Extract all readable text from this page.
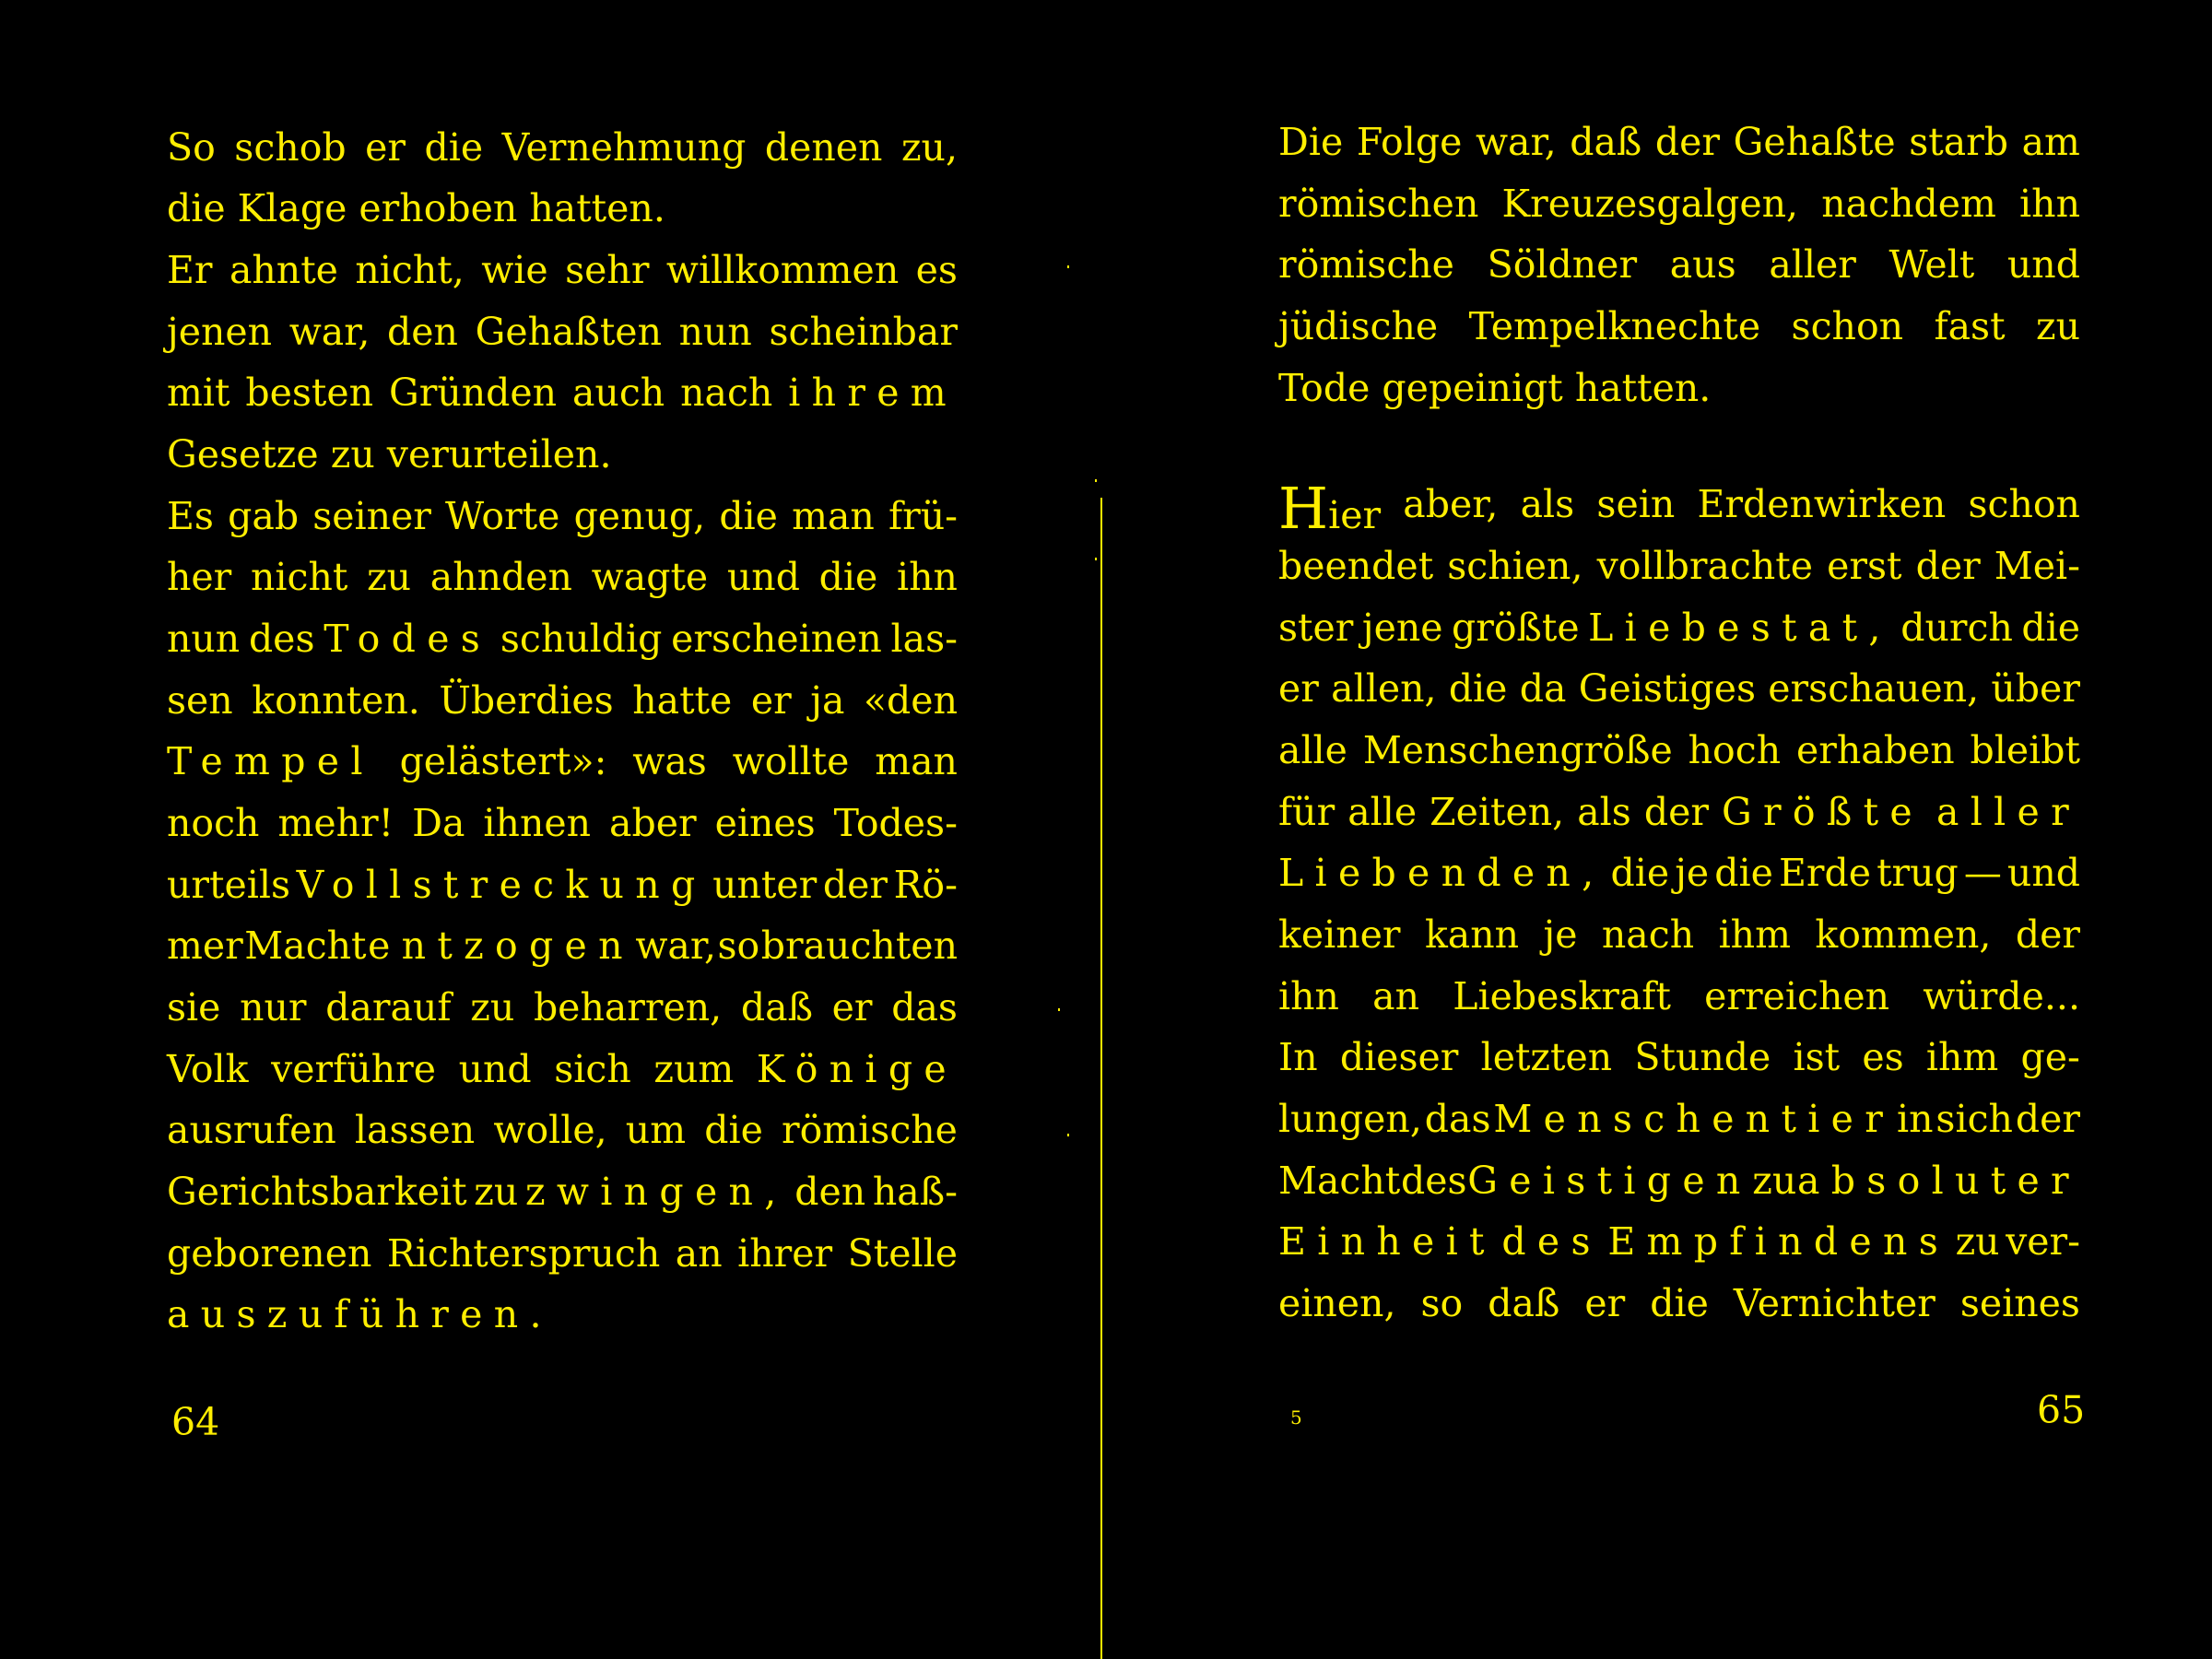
So schob er die Vernehmung denen zu,
die
Klage
erhoben
hatten.
Er ahnte nicht, wie sehr willkommen es
jenen war, den Gehaßten nun scheinbar
mit besten Gründen auch nach ihrem
Gesetze
zu
verurteilen.
Es gab seiner Worte genug, die man frü-
her nicht zu ahnden wagte und die ihn
nun des Todes schuldig erscheinen las-
sen konnten. Überdies hatte er ja «den
Tempel gelästert»: was wollte man
noch mehr! Da ihnen aber eines Todes-
urteils Vollstreckung unter der Rö-
mer Macht entzogen war, so brauchten
sie nur darauf zu beharren, daß er das
Volk verführe und sich zum Könige
ausrufen lassen wolle, um die römische
Gerichtsbarkeit zu zwingen, den haß-
geborenen Richterspruch an ihrer Stelle
auszuführen.
64
Die Folge war, daß der Gehaßte starb am
römischen Kreuzesgalgen, nachdem ihn
römische Söldner aus aller Welt und
jüdische Tempelknechte schon fast zu
Tode
gepeinigt
hatten.
Hier aber, als sein Erdenwirken schon
beendet schien, vollbrachte erst der Mei-
ster jene größte Liebestat, durch die
er allen, die da Geistiges erschauen, über
alle Menschengröße hoch erhaben bleibt
für alle Zeiten, als der Größte aller
Liebenden, die je die Erde trug — und
keiner kann je nach ihm kommen, der
ihn an Liebeskraft erreichen würde...
In dieser letzten Stunde ist es ihm ge-
lungen, das Menschentier in sich der
Macht des Geistigen zu absoluter
Einheit des Empfindens zu ver-
einen, so daß er die Vernichter seines
5	65
